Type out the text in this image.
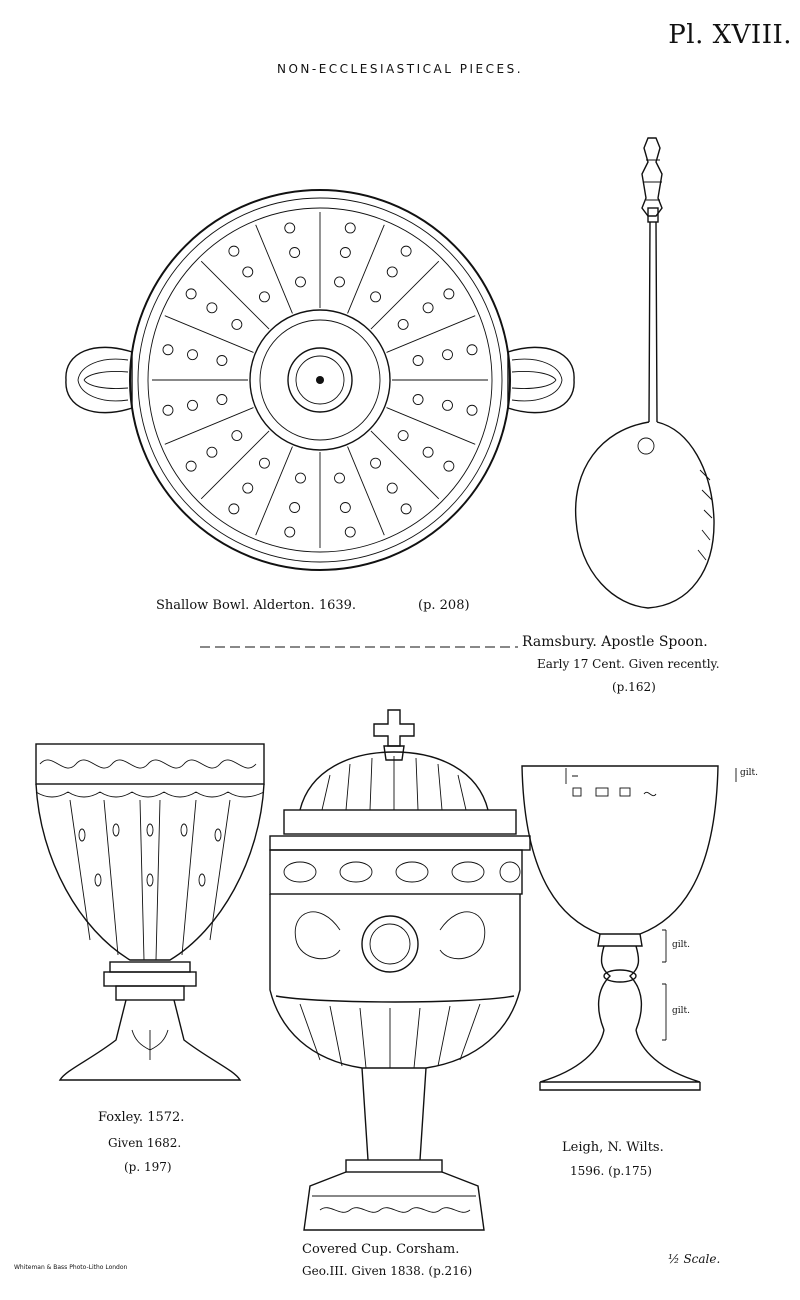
Pl. XVIII.
NON-ECCLESIASTICAL PIECES.
Shallow Bowl. Alderton. 1639.	(p. 208)
Ramsbury. Apostle Spoon.
Early 17 Cent. Given recently.
(p.162)
gilt.
gilt.
gilt.
Foxley. 1572.
Given 1682.
(p. 197)
Leigh, N. Wilts.
1596. (p.175)
Covered Cup. Corsham.
Geo.III. Given 1838. (p.216)
Whiteman & Bass Photo-Litho London
½ Scale.
